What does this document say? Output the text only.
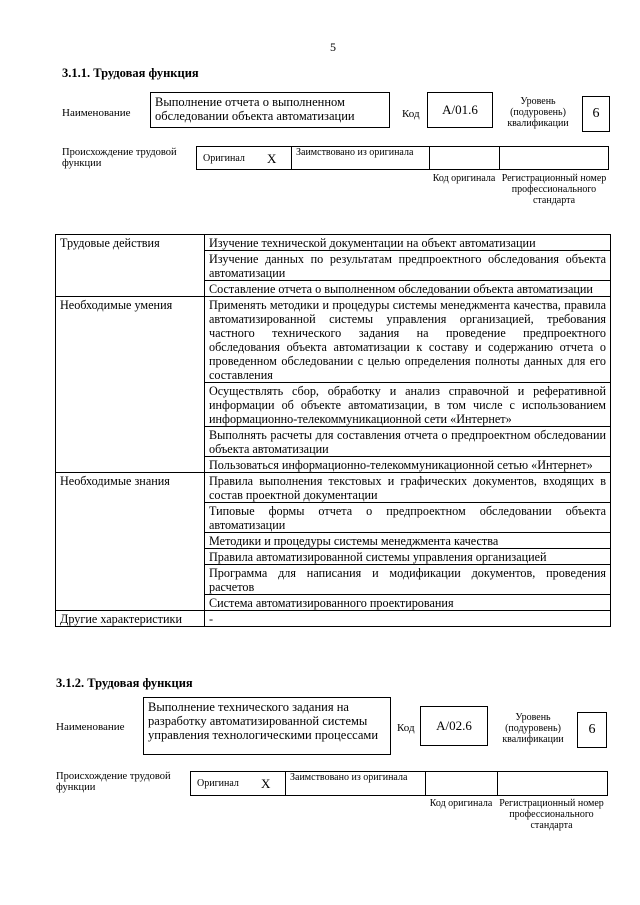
5
3.1.1. Трудовая функция
Наименование
Выполнение отчета о выполненном обследовании объекта автоматизации	Код	A/01.6
Уровень (подуровень) квалификации
6
Происхождение трудовой функции	Оригинал X Заимствовано из оригинала
Код оригинала Регистрационный номер профессионального стандарта
Трудовые действия	Изучение технической документации на объект автоматизации
	Изучение данных по результатам предпроектного обследования объекта автоматизации
	Составление отчета о выполненном обследовании объекта автоматизации
Необходимые умения	Применять методики и процедуры системы менеджмента качества, правила автоматизированной системы управления организацией, требования частного технического задания на проведение предпроектного обследования объекта автоматизации к составу и содержанию отчета о проведенном обследовании с целью определения полноты данных для его составления
	Осуществлять сбор, обработку и анализ справочной и реферативной информации об объекте автоматизации, в том числе с использованием информационно-телекоммуникационной сети «Интернет»
	Выполнять расчеты для составления отчета о предпроектном обследовании объекта автоматизации
	Пользоваться информационно-телекоммуникационной сетью «Интернет»
Необходимые знания	Правила выполнения текстовых и графических документов, входящих в состав проектной документации
	Типовые формы отчета о предпроектном обследовании объекта автоматизации
	Методики и процедуры системы менеджмента качества
	Правила автоматизированной системы управления организацией
	Программа для написания и модификации документов, проведения расчетов
	Система автоматизированного проектирования
Другие характеристики	-
3.1.2. Трудовая функция
Наименование
Выполнение технического задания на разработку автоматизированной системы управления технологическими процессами	Код	A/02.6
Уровень (подуровень) квалификации
6
Происхождение трудовой функции	Оригинал X Заимствовано из оригинала
Код оригинала Регистрационный номер профессионального стандарта
